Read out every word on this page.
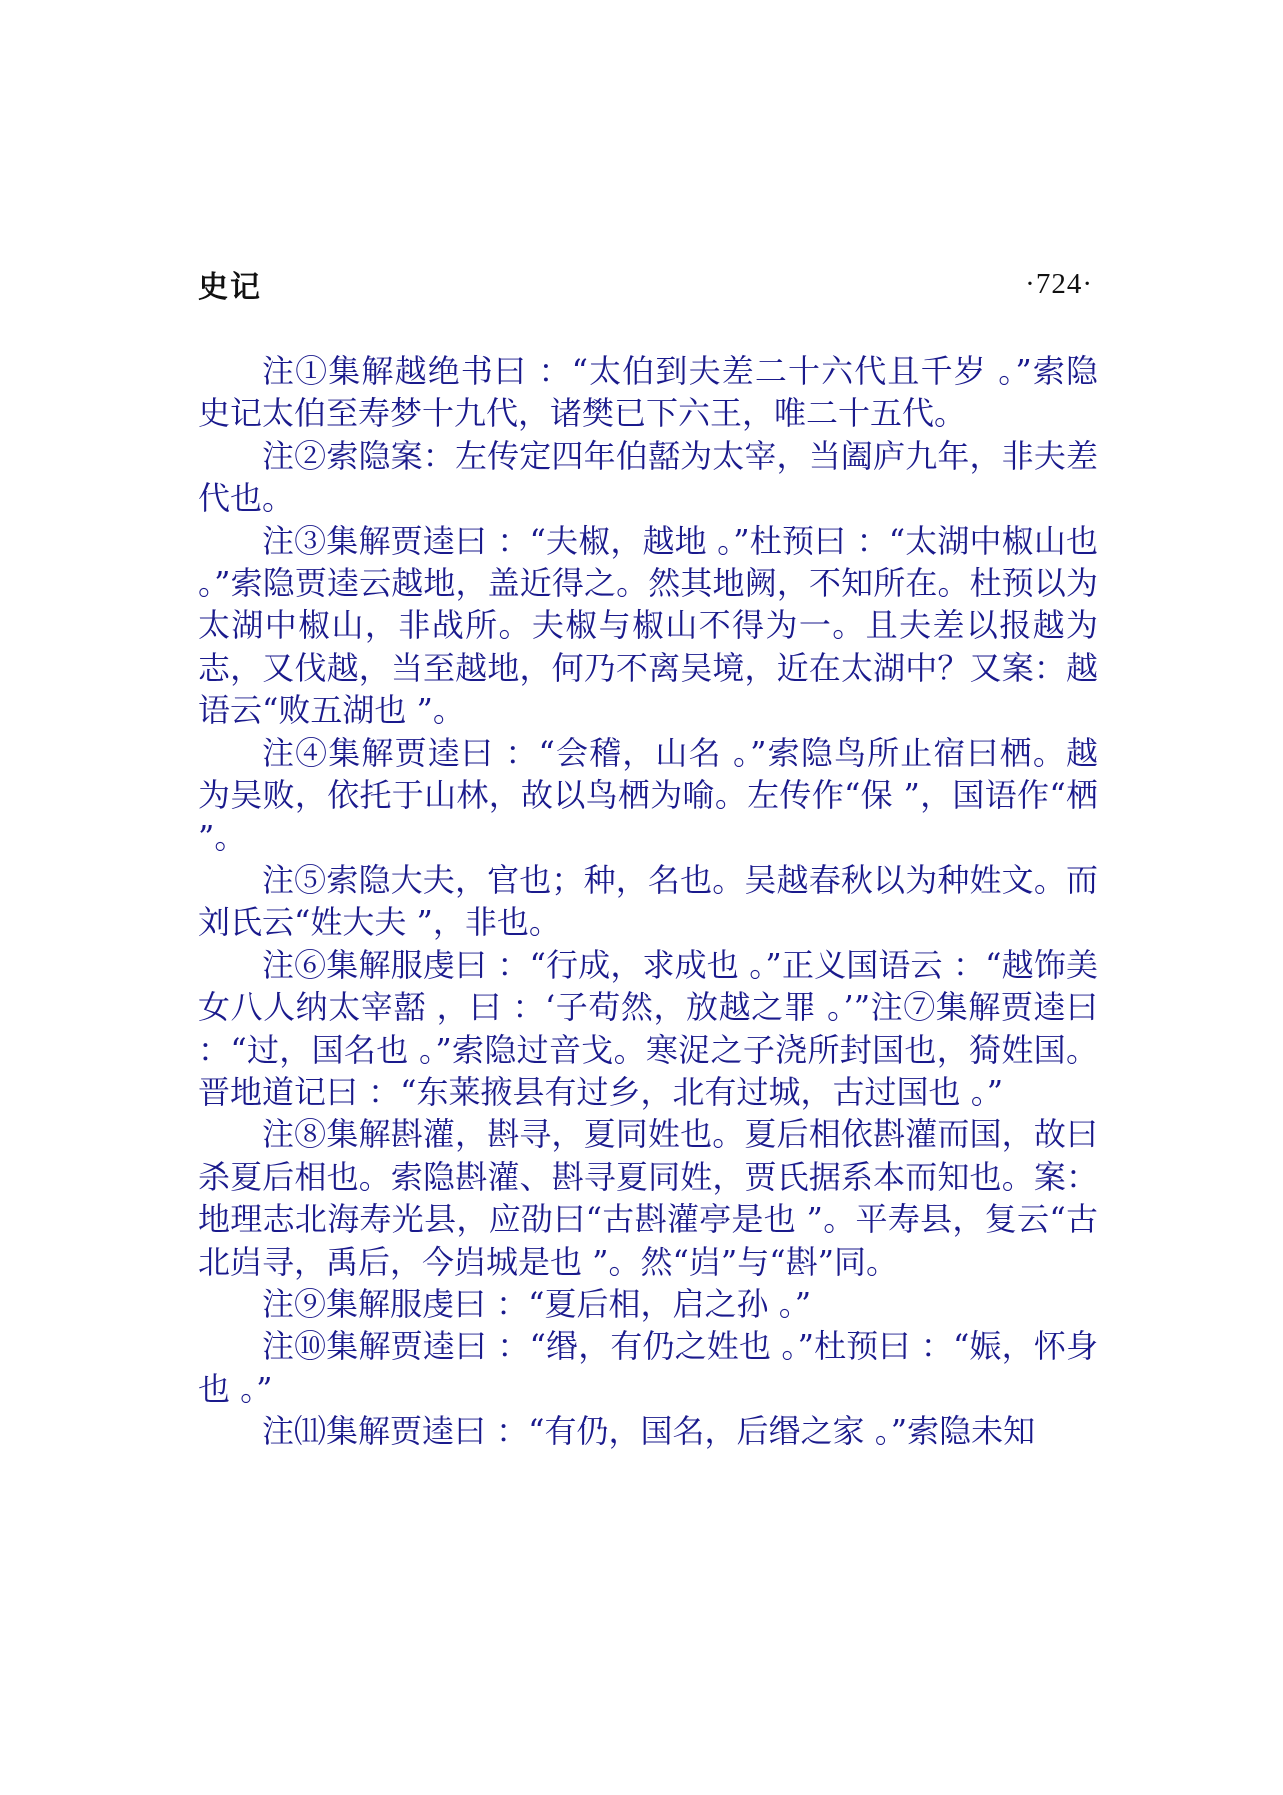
史记	·724·

注①集解越绝书曰 ：“太伯到夫差二十六代且千岁 。”索隐史记太伯至寿梦十九代，诸樊已下六王，唯二十五代。

注②索隐案：左传定四年伯嚭为太宰，当阖庐九年，非夫差代也。

注③集解贾逵曰 ：“夫椒，越地 。”杜预曰 ：“太湖中椒山也 。”索隐贾逵云越地，盖近得之。然其地阙，不知所在。杜预以为太湖中椒山，非战所。夫椒与椒山不得为一。且夫差以报越为志，又伐越，当至越地，何乃不离吴境，近在太湖中？又案：越语云“败五湖也 ”。

注④集解贾逵曰 ：“会稽，山名 。”索隐鸟所止宿曰栖。越为吴败，依托于山林，故以鸟栖为喻。左传作“保 ”，国语作“栖 ”。

注⑤索隐大夫，官也；种，名也。吴越春秋以为种姓文。而刘氏云“姓大夫 ”，非也。

注⑥集解服虔曰 ：“行成，求成也 。”正义国语云 ：“越饰美女八人纳太宰嚭 ，曰 ：‘子苟然，放越之罪 。’”注⑦集解贾逵曰 ：“过，国名也 。”索隐过音戈。寒浞之子浇所封国也，猗姓国。晋地道记曰 ：“东莱掖县有过乡，北有过城，古过国也 。”

注⑧集解斟灌，斟寻，夏同姓也。夏后相依斟灌而国，故曰杀夏后相也。索隐斟灌、斟寻夏同姓，贾氏据系本而知也。案：地理志北海寿光县，应劭曰“古斟灌亭是也 ”。平寿县，复云“古北岿寻，禹后，今岿城是也 ”。然“岿”与“斟”同。

注⑨集解服虔曰 ：“夏后相，启之孙 。”

注⑩集解贾逵曰 ：“缗，有仍之姓也 。”杜预曰 ：“娠，怀身也 。”

注⑾集解贾逵曰 ：“有仍，国名，后缗之家 。”索隐未知
